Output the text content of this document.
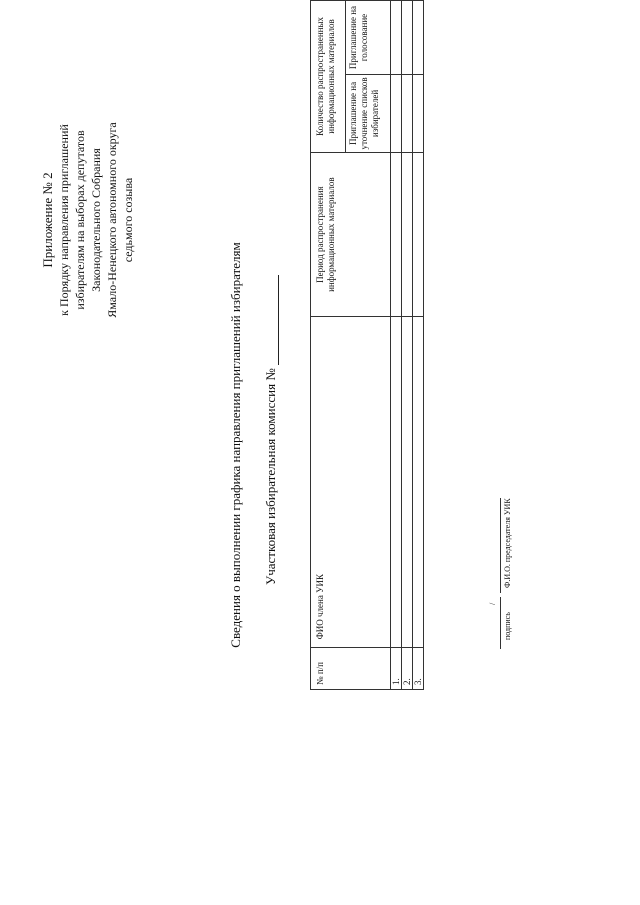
Приложение № 2 к Порядку направления приглашений избирателям на выборах депутатов Законодательного Собрания Ямало-Ненецкого автономного округа седьмого созыва
Сведения о выполнении графика направления приглашений избирателям Участковая избирательная комиссия №
№ п/п	ФИО члена УИК	Период распространения информационных материалов	Количество распространенных информационных материалов	
			Приглашение на уточнение списков избирателей	Приглашение на голосование
1.				
2.				
3.				
/
подпись
Ф.И.О. председателя УИК
